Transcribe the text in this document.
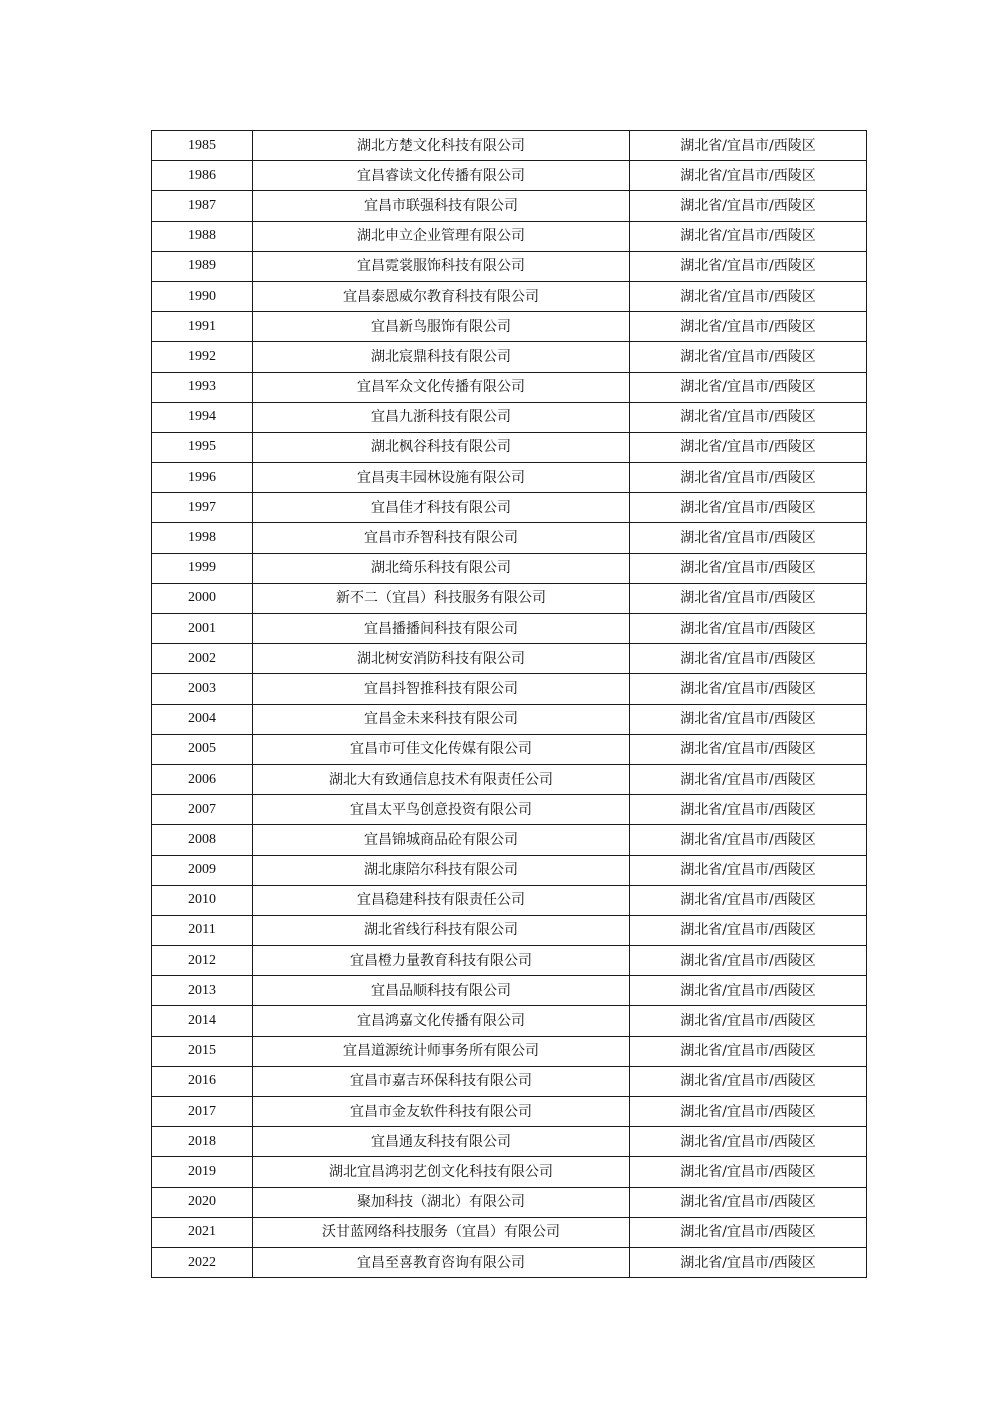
1985	湖北方楚文化科技有限公司	湖北省/宜昌市/西陵区
1986	宜昌睿读文化传播有限公司	湖北省/宜昌市/西陵区
1987	宜昌市联强科技有限公司	湖北省/宜昌市/西陵区
1988	湖北申立企业管理有限公司	湖北省/宜昌市/西陵区
1989	宜昌霓裳服饰科技有限公司	湖北省/宜昌市/西陵区
1990	宜昌泰恩威尔教育科技有限公司	湖北省/宜昌市/西陵区
1991	宜昌新鸟服饰有限公司	湖北省/宜昌市/西陵区
1992	湖北宸鼎科技有限公司	湖北省/宜昌市/西陵区
1993	宜昌军众文化传播有限公司	湖北省/宜昌市/西陵区
1994	宜昌九浙科技有限公司	湖北省/宜昌市/西陵区
1995	湖北枫谷科技有限公司	湖北省/宜昌市/西陵区
1996	宜昌夷丰园林设施有限公司	湖北省/宜昌市/西陵区
1997	宜昌佳才科技有限公司	湖北省/宜昌市/西陵区
1998	宜昌市乔智科技有限公司	湖北省/宜昌市/西陵区
1999	湖北绮乐科技有限公司	湖北省/宜昌市/西陵区
2000	新不二（宜昌）科技服务有限公司	湖北省/宜昌市/西陵区
2001	宜昌播播间科技有限公司	湖北省/宜昌市/西陵区
2002	湖北树安消防科技有限公司	湖北省/宜昌市/西陵区
2003	宜昌抖智推科技有限公司	湖北省/宜昌市/西陵区
2004	宜昌金未来科技有限公司	湖北省/宜昌市/西陵区
2005	宜昌市可佳文化传媒有限公司	湖北省/宜昌市/西陵区
2006	湖北大有致通信息技术有限责任公司	湖北省/宜昌市/西陵区
2007	宜昌太平鸟创意投资有限公司	湖北省/宜昌市/西陵区
2008	宜昌锦城商品砼有限公司	湖北省/宜昌市/西陵区
2009	湖北康陪尔科技有限公司	湖北省/宜昌市/西陵区
2010	宜昌稳建科技有限责任公司	湖北省/宜昌市/西陵区
2011	湖北省线行科技有限公司	湖北省/宜昌市/西陵区
2012	宜昌橙力量教育科技有限公司	湖北省/宜昌市/西陵区
2013	宜昌品顺科技有限公司	湖北省/宜昌市/西陵区
2014	宜昌鸿嘉文化传播有限公司	湖北省/宜昌市/西陵区
2015	宜昌道源统计师事务所有限公司	湖北省/宜昌市/西陵区
2016	宜昌市嘉吉环保科技有限公司	湖北省/宜昌市/西陵区
2017	宜昌市金友软件科技有限公司	湖北省/宜昌市/西陵区
2018	宜昌通友科技有限公司	湖北省/宜昌市/西陵区
2019	湖北宜昌鸿羽艺创文化科技有限公司	湖北省/宜昌市/西陵区
2020	聚加科技（湖北）有限公司	湖北省/宜昌市/西陵区
2021	沃甘蓝网络科技服务（宜昌）有限公司	湖北省/宜昌市/西陵区
2022	宜昌至喜教育咨询有限公司	湖北省/宜昌市/西陵区
